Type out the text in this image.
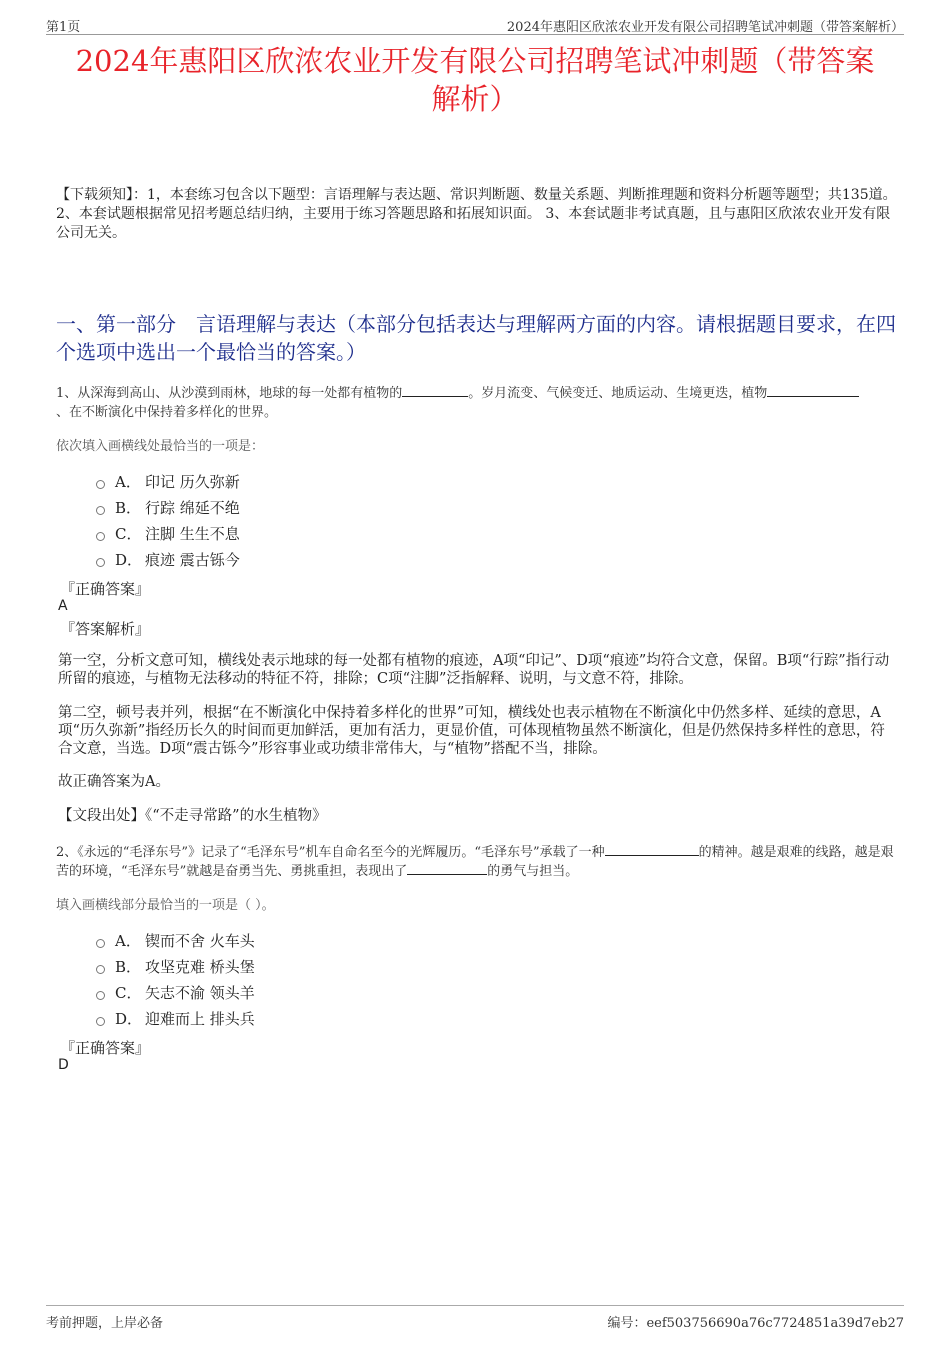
第1页	2024年惠阳区欣浓农业开发有限公司招聘笔试冲刺题（带答案解析）
2024年惠阳区欣浓农业开发有限公司招聘笔试冲刺题（带答案
解析）
【下载须知】：1，本套练习包含以下题型：言语理解与表达题、常识判断题、数量关系题、判断推理题和资料分析题等题型；共135道。 2、本套试题根据常见招考题总结归纳，主要用于练习答题思路和拓展知识面。 3、本套试题非考试真题，且与惠阳区欣浓农业开发有限公司无关。
一、第一部分　言语理解与表达（本部分包括表达与理解两方面的内容。请根据题目要求，在四个选项中选出一个最恰当的答案。）
1、从深海到高山、从沙漠到雨林，地球的每一处都有植物的	。岁月流变、气候变迁、地质运动、生境更迭，植物
、在不断演化中保持着多样化的世界。
依次填入画横线处最恰当的一项是：
A． 印记 历久弥新
B． 行踪 绵延不绝
C． 注脚 生生不息
D． 痕迹 震古铄今
『正确答案』
A
『答案解析』
第一空，分析文意可知，横线处表示地球的每一处都有植物的痕迹，A项“印记”、D项“痕迹”均符合文意，保留。B项“行踪”指行动所留的痕迹，与植物无法移动的特征不符，排除；C项“注脚”泛指解释、说明，与文意不符，排除。
第二空，顿号表并列，根据“在不断演化中保持着多样化的世界”可知，横线处也表示植物在不断演化中仍然多样、延续的意思，A项“历久弥新”指经历长久的时间而更加鲜活，更加有活力，更显价值，可体现植物虽然不断演化，但是仍然保持多样性的意思，符合文意，当选。D项“震古铄今”形容事业或功绩非常伟大，与“植物”搭配不当，排除。
故正确答案为A。
【文段出处】《“不走寻常路”的水生植物》
2、《永远的“毛泽东号”》记录了“毛泽东号”机车自命名至今的光辉履历。“毛泽东号”承载了一种	的精神。越是艰难的线路，越是艰苦的环境，“毛泽东号”就越是奋勇当先、勇挑重担，表现出了	的勇气与担当。
填入画横线部分最恰当的一项是（ ）。
A． 锲而不舍 火车头
B． 攻坚克难 桥头堡
C． 矢志不渝 领头羊
D． 迎难而上 排头兵
『正确答案』
D
考前押题，上岸必备	编号：eef503756690a76c7724851a39d7eb27
